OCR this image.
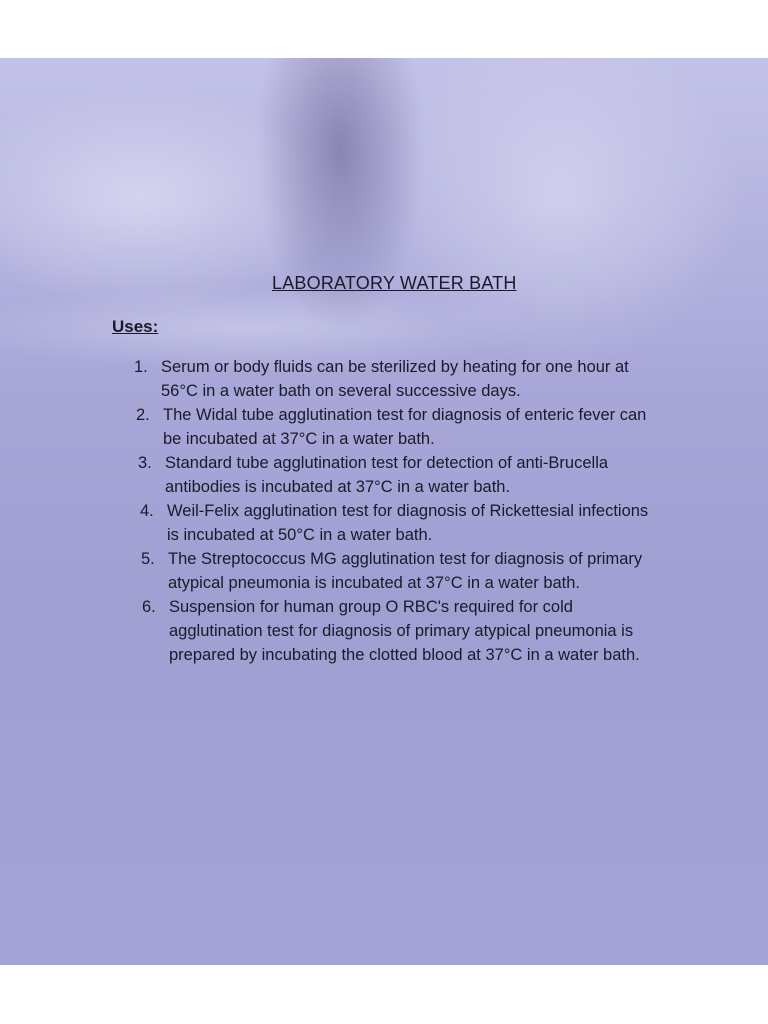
LABORATORY WATER BATH
Uses:
1. Serum or body fluids can be sterilized by heating for one hour at 56°C in a water bath on several successive days.
2. The Widal tube agglutination test for diagnosis of enteric fever can be incubated at 37°C in a water bath.
3. Standard tube agglutination test for detection of anti-Brucella antibodies is incubated at 37°C in a water bath.
4. Weil-Felix agglutination test for diagnosis of Rickettesial infections is incubated at 50°C in a water bath.
5. The Streptococcus MG agglutination test for diagnosis of primary atypical pneumonia is incubated at 37°C in a water bath.
6. Suspension for human group O RBC's required for cold agglutination test for diagnosis of primary atypical pneumonia is prepared by incubating the clotted blood at 37°C in a water bath.
